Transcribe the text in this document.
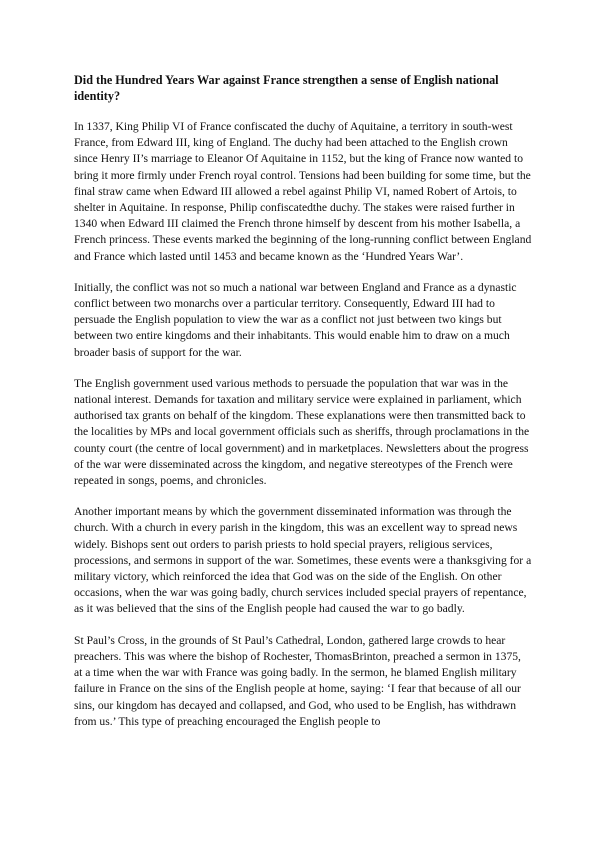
Did the Hundred Years War against France strengthen a sense of English national identity?

In 1337, King Philip VI of France confiscated the duchy of Aquitaine, a territory in south-west France, from Edward III, king of England. The duchy had been attached to the English crown since Henry II’s marriage to Eleanor Of Aquitaine in 1152, but the king of France now wanted to bring it more firmly under French royal control. Tensions had been building for some time, but the final straw came when Edward III allowed a rebel against Philip VI, named Robert of Artois, to shelter in Aquitaine. In response, Philip confiscatedthe duchy. The stakes were raised further in 1340 when Edward III claimed the French throne himself by descent from his mother Isabella, a French princess. These events marked the beginning of the long-running conflict between England and France which lasted until 1453 and became known as the ‘Hundred Years War’.

Initially, the conflict was not so much a national war between England and France as a dynastic conflict between two monarchs over a particular territory. Consequently, Edward III had to persuade the English population to view the war as a conflict not just between two kings but between two entire kingdoms and their inhabitants. This would enable him to draw on a much broader basis of support for the war.

The English government used various methods to persuade the population that war was in the national interest. Demands for taxation and military service were explained in parliament, which authorised tax grants on behalf of the kingdom. These explanations were then transmitted back to the localities by MPs and local government officials such as sheriffs, through proclamations in the county court (the centre of local government) and in marketplaces. Newsletters about the progress of the war were disseminated across the kingdom, and negative stereotypes of the French were repeated in songs, poems, and chronicles.

Another important means by which the government disseminated information was through the church. With a church in every parish in the kingdom, this was an excellent way to spread news widely. Bishops sent out orders to parish priests to hold special prayers, religious services, processions, and sermons in support of the war. Sometimes, these events were a thanksgiving for a military victory, which reinforced the idea that God was on the side of the English. On other occasions, when the war was going badly, church services included special prayers of repentance, as it was believed that the sins of the English people had caused the war to go badly.

St Paul’s Cross, in the grounds of St Paul’s Cathedral, London, gathered large crowds to hear preachers. This was where the bishop of Rochester, ThomasBrinton, preached a sermon in 1375, at a time when the war with France was going badly. In the sermon, he blamed English military failure in France on the sins of the English people at home, saying: ‘I fear that because of all our sins, our kingdom has decayed and collapsed, and God, who used to be English, has withdrawn from us.’ This type of preaching encouraged the English people to
